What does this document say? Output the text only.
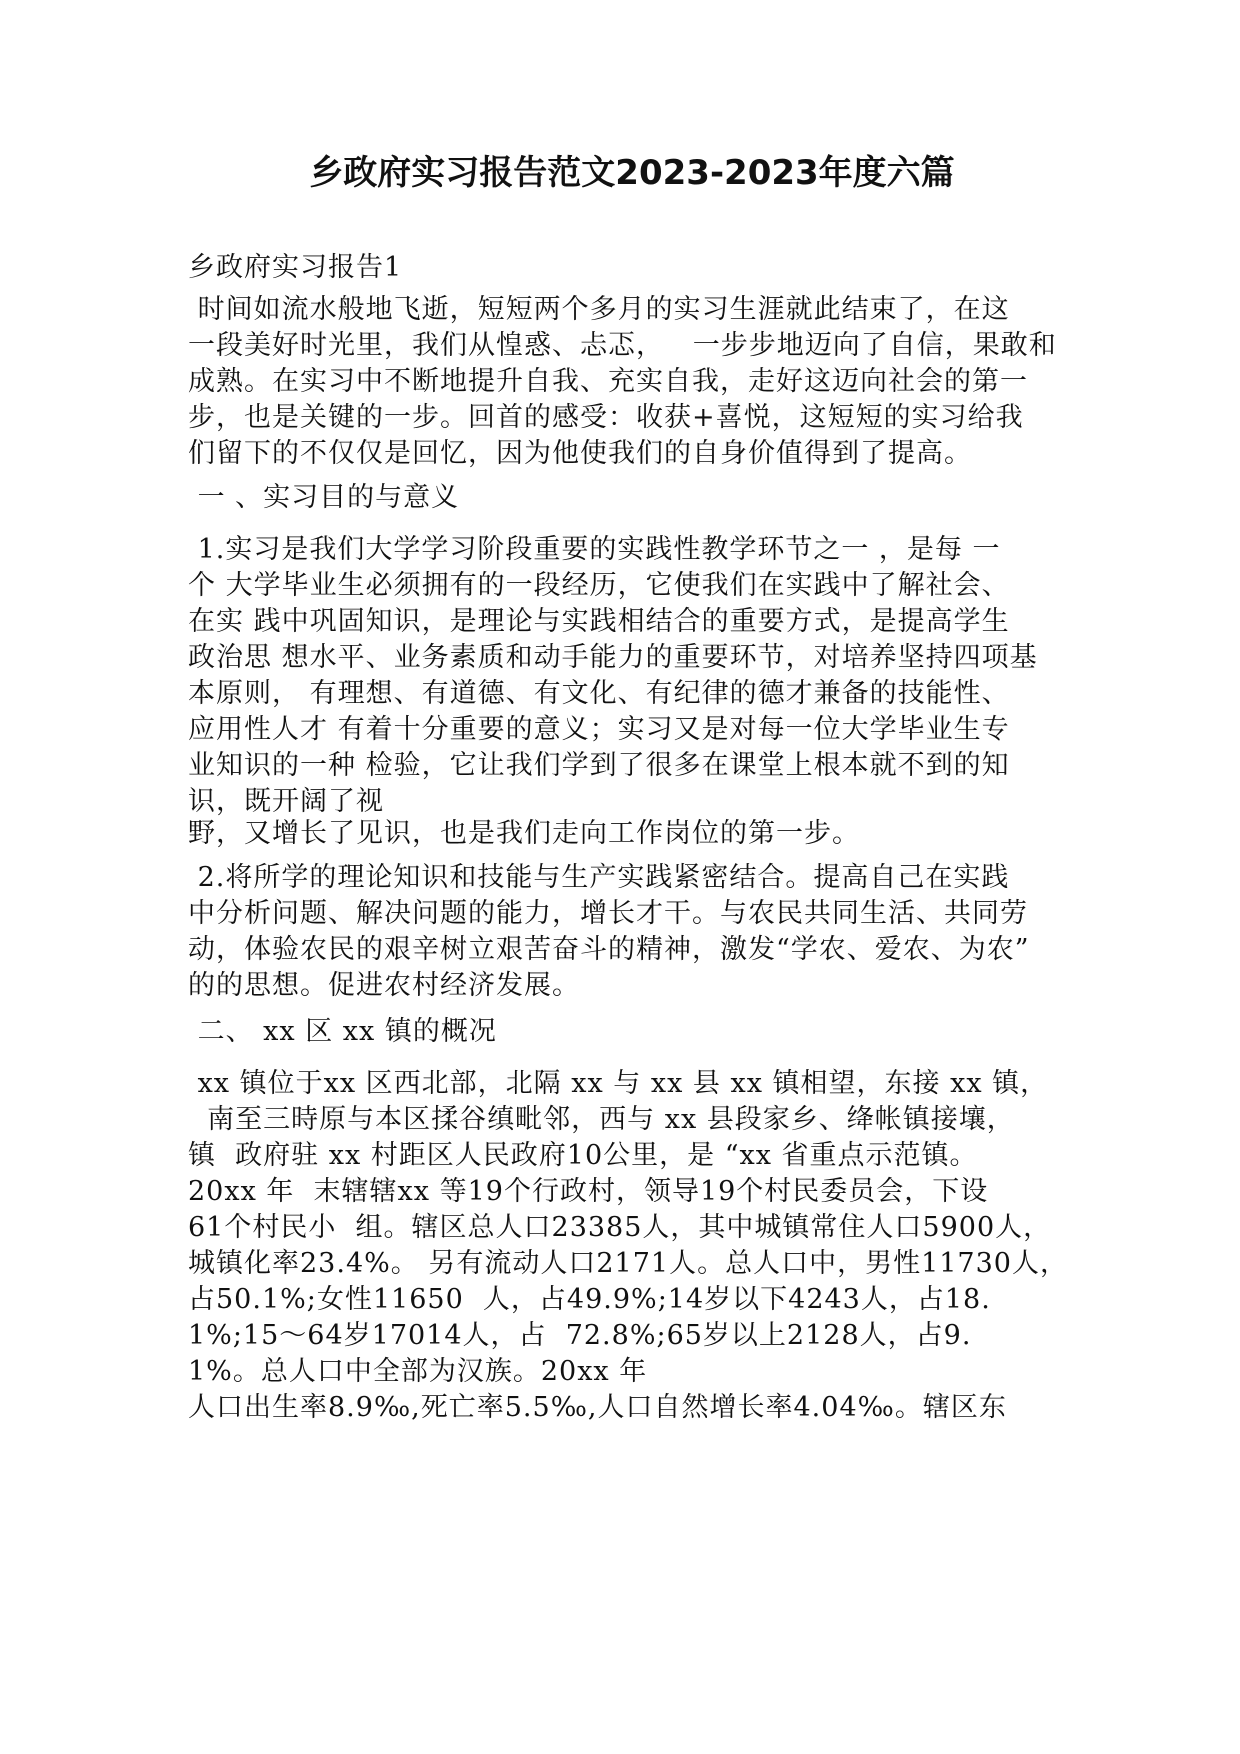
乡政府实习报告范文2023-2023年度六篇
乡政府实习报告1
时间如流水般地飞逝，短短两个多月的实习生涯就此结束了，在这
一段美好时光里，我们从惶惑、忐忑，   一步步地迈向了自信，果敢和
成熟。在实习中不断地提升自我、充实自我，走好这迈向社会的第一
步，也是关键的一步。回首的感受：收获+喜悦，这短短的实习给我
们留下的不仅仅是回忆，因为他使我们的自身价值得到了提高。
一 、实习目的与意义
1.实习是我们大学学习阶段重要的实践性教学环节之一 ，是每 一
个 大学毕业生必须拥有的一段经历，它使我们在实践中了解社会、
在实 践中巩固知识，是理论与实践相结合的重要方式，是提高学生
政治思 想水平、业务素质和动手能力的重要环节，对培养坚持四项基
本原则， 有理想、有道德、有文化、有纪律的德才兼备的技能性、
应用性人才 有着十分重要的意义；实习又是对每一位大学毕业生专
业知识的一种 检验，它让我们学到了很多在课堂上根本就不到的知
识，既开阔了视
野，又增长了见识，也是我们走向工作岗位的第一步。
2.将所学的理论知识和技能与生产实践紧密结合。提高自己在实践
中分析问题、解决问题的能力，增长才干。与农民共同生活、共同劳
动，体验农民的艰辛树立艰苦奋斗的精神，激发“学农、爱农、为农”
的的思想。促进农村经济发展。
二、 xx 区 xx 镇的概况
xx 镇位于xx 区西北部，北隔 xx 与 xx 县 xx 镇相望，东接 xx 镇，
南至三時原与本区揉谷缜毗邻，西与 xx 县段家乡、绛帐镇接壤，
镇  政府驻 xx 村距区人民政府10公里，是 “xx 省重点示范镇。
20xx 年  末辖辖xx 等19个行政村，领导19个村民委员会，下设
61个村民小  组。辖区总人口23385人，其中城镇常住人口5900人，
城镇化率23.4%。 另有流动人口2171人。总人口中，男性11730人，
占50.1%;女性11650  人，占49.9%;14岁以下4243人，占18.
1%;15～64岁17014人，占  72.8%;65岁以上2128人，占9.
1%。总人口中全部为汉族。20xx 年
人口出生率8.9‰,死亡率5.5‰,人口自然增长率4.04‰。辖区东
